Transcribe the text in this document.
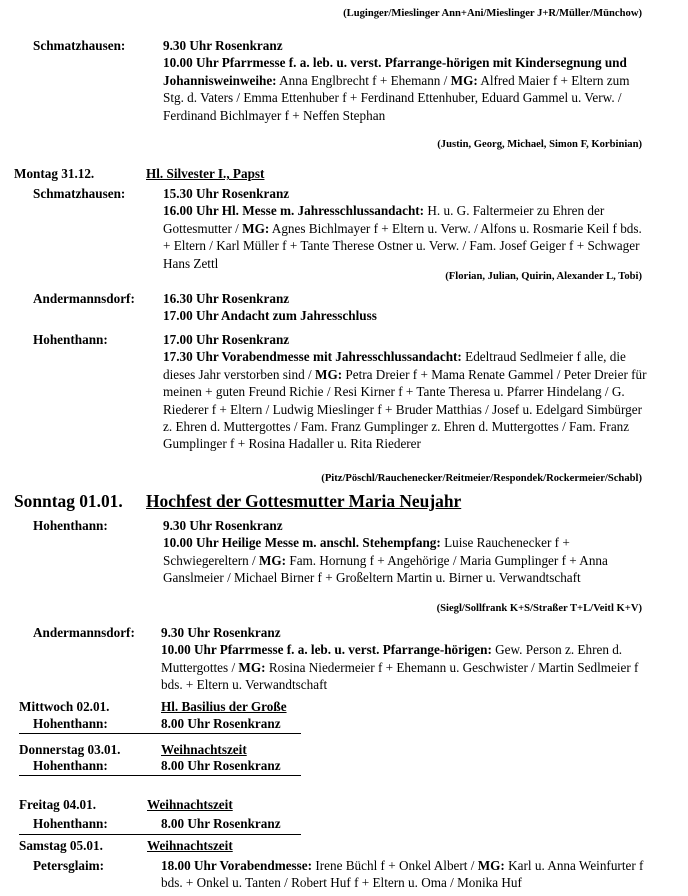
(Luginger/Mieslinger Ann+Ani/Mieslinger J+R/Müller/Münchow)
Schmatzhausen:	9.30 Uhr Rosenkranz

10.00 Uhr Pfarrmesse f. a. leb. u. verst. Pfarrange-hörigen mit Kindersegnung und Johannisweinweihe: Anna Englbrecht f + Ehemann / MG: Alfred Maier f + Eltern zum Stg. d. Vaters / Emma Ettenhuber f + Ferdinand Ettenhuber, Eduard Gammel u. Verw. / Ferdinand Bichlmayer f + Neffen Stephan

(Justin, Georg, Michael, Simon F, Korbinian)
Montag 31.12.	Hl. Silvester I., Papst
Schmatzhausen:	15.30 Uhr Rosenkranz

16.00 Uhr Hl. Messe m. Jahresschlussandacht: H. u. G. Faltermeier zu Ehren der Gottesmutter / MG: Agnes Bichlmayer f + Eltern u. Verw. / Alfons u. Rosmarie Keil f bds. + Eltern / Karl Müller f + Tante Therese Ostner u. Verw. / Fam. Josef Geiger f + Schwager Hans Zettl

(Florian, Julian, Quirin, Alexander L, Tobi)
Andermannsdorf: 16.30 Uhr Rosenkranz

17.00 Uhr Andacht zum Jahresschluss

Hohenthann:	17.00 Uhr Rosenkranz

17.30 Uhr Vorabendmesse mit Jahresschlussandacht: Edeltraud Sedlmeier f alle, die dieses Jahr verstorben sind / MG: Petra Dreier f + Mama Renate Gammel / Peter Dreier für meinen + guten Freund Richie / Resi Kirner f + Tante Theresa u. Pfarrer Hindelang / G. Riederer f + Eltern / Ludwig Mieslinger f + Bruder Matthias / Josef u. Edelgard Simbürger z. Ehren d. Muttergottes / Fam. Franz Gumplinger z. Ehren d. Muttergottes / Fam. Franz Gumplinger f + Rosina Hadaller u. Rita Riederer

(Pitz/Pöschl/Rauchenecker/Reitmeier/Respondek/Rockermeier/Schabl)
Sonntag 01.01. Hochfest der Gottesmutter Maria Neujahr
Hohenthann:	9.30 Uhr Rosenkranz

10.00 Uhr Heilige Messe m. anschl. Stehempfang: Luise Rauchenecker f + Schwiegereltern / MG: Fam. Hornung f + Angehörige / Maria Gumplinger f + Anna Ganslmeier / Michael Birner f + Großeltern Martin u. Birner u. Verwandtschaft

(Siegl/Sollfrank K+S/Straßer T+L/Veitl K+V)
Andermannsdorf: 9.30 Uhr Rosenkranz

10.00 Uhr Pfarrmesse f. a. leb. u. verst. Pfarrange-hörigen: Gew. Person z. Ehren d. Muttergottes / MG: Rosina Niedermeier f + Ehemann u. Geschwister / Martin Sedlmeier f bds. + Eltern u. Verwandtschaft

Mittwoch 02.01.	Hl. Basilius der Große
Hohenthann:	8.00 Uhr Rosenkranz

Donnerstag 03.01.	Weihnachtszeit
Hohenthann:	8.00 Uhr Rosenkranz

Freitag 04.01.	Weihnachtszeit
Hohenthann:	8.00 Uhr Rosenkranz

Samstag 05.01.	Weihnachtszeit
Petersglaim:	18.00 Uhr Vorabendmesse: Irene Büchl f + Onkel Albert / MG: Karl u. Anna Weinfurter f bds. + Onkel u. Tanten / Robert Huf f + Eltern u. Oma / Monika Huf
